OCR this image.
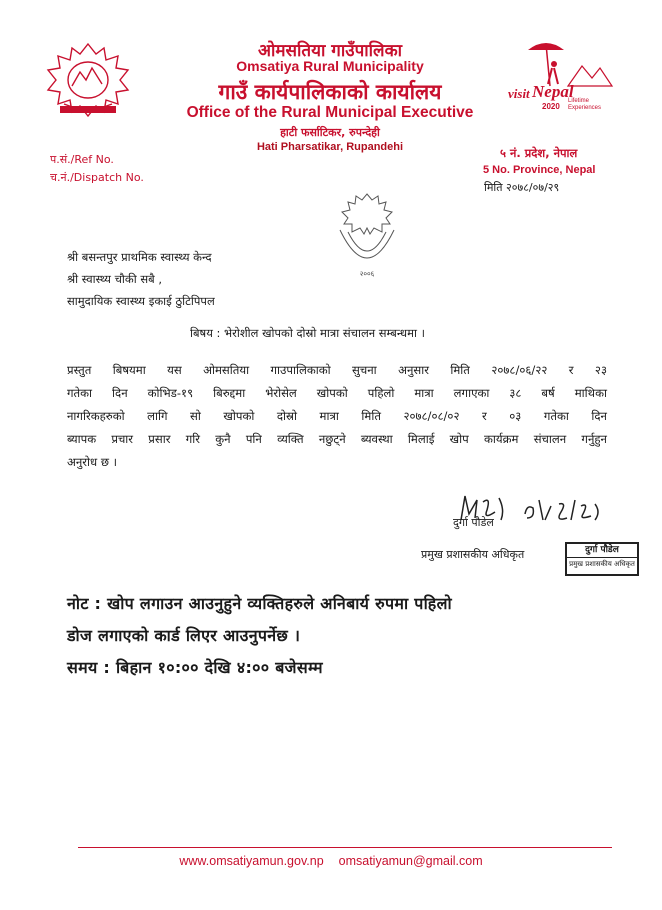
ओमसतिया गाउँपालिका
Omsatiya Rural Municipality
गाउँ कार्यपालिकाको कार्यालय
Office of the Rural Municipal Executive
हाटी फर्साटिकर, रुपन्देही
Hati Pharsatikar, Rupandehi
visit Nepal
2020
Lifetime Experiences
प.सं./Ref No.
च.नं./Dispatch No.
५ नं. प्रदेश, नेपाल
5 No. Province, Nepal
मिति २०७८/०७/२९
२००६
श्री बसन्तपुर प्राथमिक स्वास्थ्य केन्द
श्री स्वास्थ्य चौकी सबै ,
सामुदायिक स्वास्थ्य इकाई ठुटिपिपल
बिषय : भेरोशील खोपको दोस्रो मात्रा संचालन सम्बन्धमा ।
प्रस्तुत बिषयमा यस ओमसतिया गाउपालिकाको सुचना अनुसार मिति २०७८/०६/२२ र २३
गतेका दिन कोभिड-१९ बिरुद्दमा भेरोसेल खोपको पहिलो मात्रा लगाएका ३८ बर्ष माथिका
नागरिकहरुको लागि सो खोपको दोस्रो मात्रा मिति २०७८/०८/०२ र ०३ गतेका दिन
ब्यापक प्रचार प्रसार गरि कुनै पनि व्यक्ति नछुट्ने ब्यवस्था मिलाई खोप कार्यक्रम संचालन गर्नुहुन
अनुरोध छ ।
दुर्गा पौडेल
प्रमुख प्रशासकीय अधिकृत	दुर्गा पौडेल
प्रमुख प्रशासकीय अधिकृत
नोट : खोप लगाउन आउनुहुने व्यक्तिहरुले अनिबार्य रुपमा पहिलो
डोज लगाएको कार्ड लिएर आउनुपर्नेछ ।
समय : बिहान १०:०० देखि ४:०० बजेसम्म
www.omsatiyamun.gov.np omsatiyamun@gmail.com
